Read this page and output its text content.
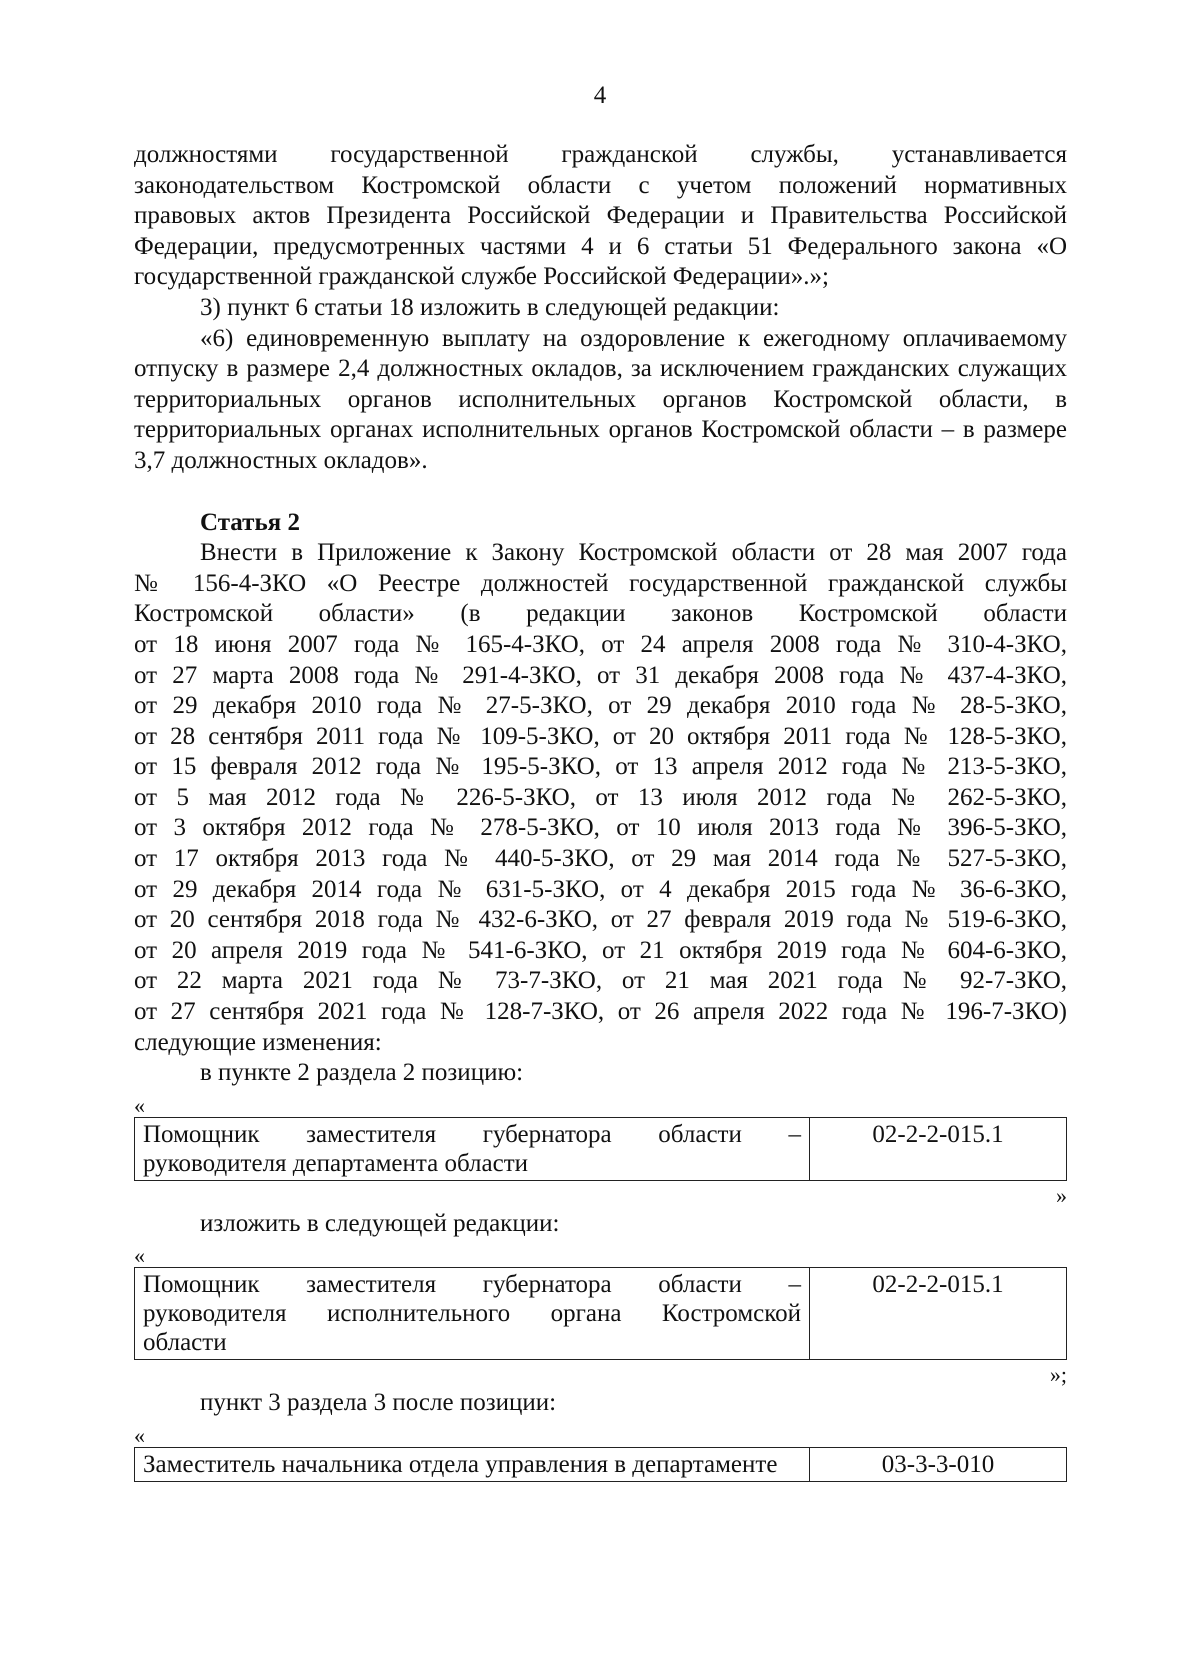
4

должностями государственной гражданской службы, устанавливается

законодательством Костромской области с учетом положений нормативных

правовых актов Президента Российской Федерации и Правительства Российской

Федерации, предусмотренных частями 4 и 6 статьи 51 Федерального закона «О

государственной гражданской службе Российской Федерации».»;

3) пункт 6 статьи 18 изложить в следующей редакции:

«6) единовременную выплату на оздоровление к ежегодному оплачиваемому

отпуску в размере 2,4 должностных окладов, за исключением гражданских служащих

территориальных органов исполнительных органов Костромской области, в

территориальных органах исполнительных органов Костромской области – в размере

3,7 должностных окладов».

Статья 2

Внести в Приложение к Закону Костромской области от 28 мая 2007 года

№ 156-4-ЗКО «О Реестре должностей государственной гражданской службы

Костромской области» (в редакции законов Костромской области

от 18 июня 2007 года № 165-4-ЗКО, от 24 апреля 2008 года № 310-4-ЗКО,

от 27 марта 2008 года № 291-4-ЗКО, от 31 декабря 2008 года № 437-4-ЗКО,

от 29 декабря 2010 года № 27-5-ЗКО, от 29 декабря 2010 года № 28-5-ЗКО,

от 28 сентября 2011 года № 109-5-ЗКО, от 20 октября 2011 года № 128-5-ЗКО,

от 15 февраля 2012 года № 195-5-ЗКО, от 13 апреля 2012 года № 213-5-ЗКО,

от 5 мая 2012 года № 226-5-ЗКО, от 13 июля 2012 года № 262-5-ЗКО,

от 3 октября 2012 года № 278-5-ЗКО, от 10 июля 2013 года № 396-5-ЗКО,

от 17 октября 2013 года № 440-5-ЗКО, от 29 мая 2014 года № 527-5-ЗКО,

от 29 декабря 2014 года № 631-5-ЗКО, от 4 декабря 2015 года № 36-6-ЗКО,

от 20 сентября 2018 года № 432-6-ЗКО, от 27 февраля 2019 года № 519-6-ЗКО,

от 20 апреля 2019 года № 541-6-ЗКО, от 21 октября 2019 года № 604-6-ЗКО,

от 22 марта 2021 года № 73-7-ЗКО, от 21 мая 2021 года № 92-7-ЗКО,

от 27 сентября 2021 года № 128-7-ЗКО, от 26 апреля 2022 года № 196-7-ЗКО)

следующие изменения:

в пункте 2 раздела 2 позицию:

«

Помощник заместителя губернатора области –
руководителя департамента области
	02-2-2-015.1

»

изложить в следующей редакции:

«

Помощник заместителя губернатора области –
руководителя исполнительного органа Костромской
области
	02-2-2-015.1

»;

пункт 3 раздела 3 после позиции:

«

Заместитель начальника отдела управления в департаменте	03-3-3-010
